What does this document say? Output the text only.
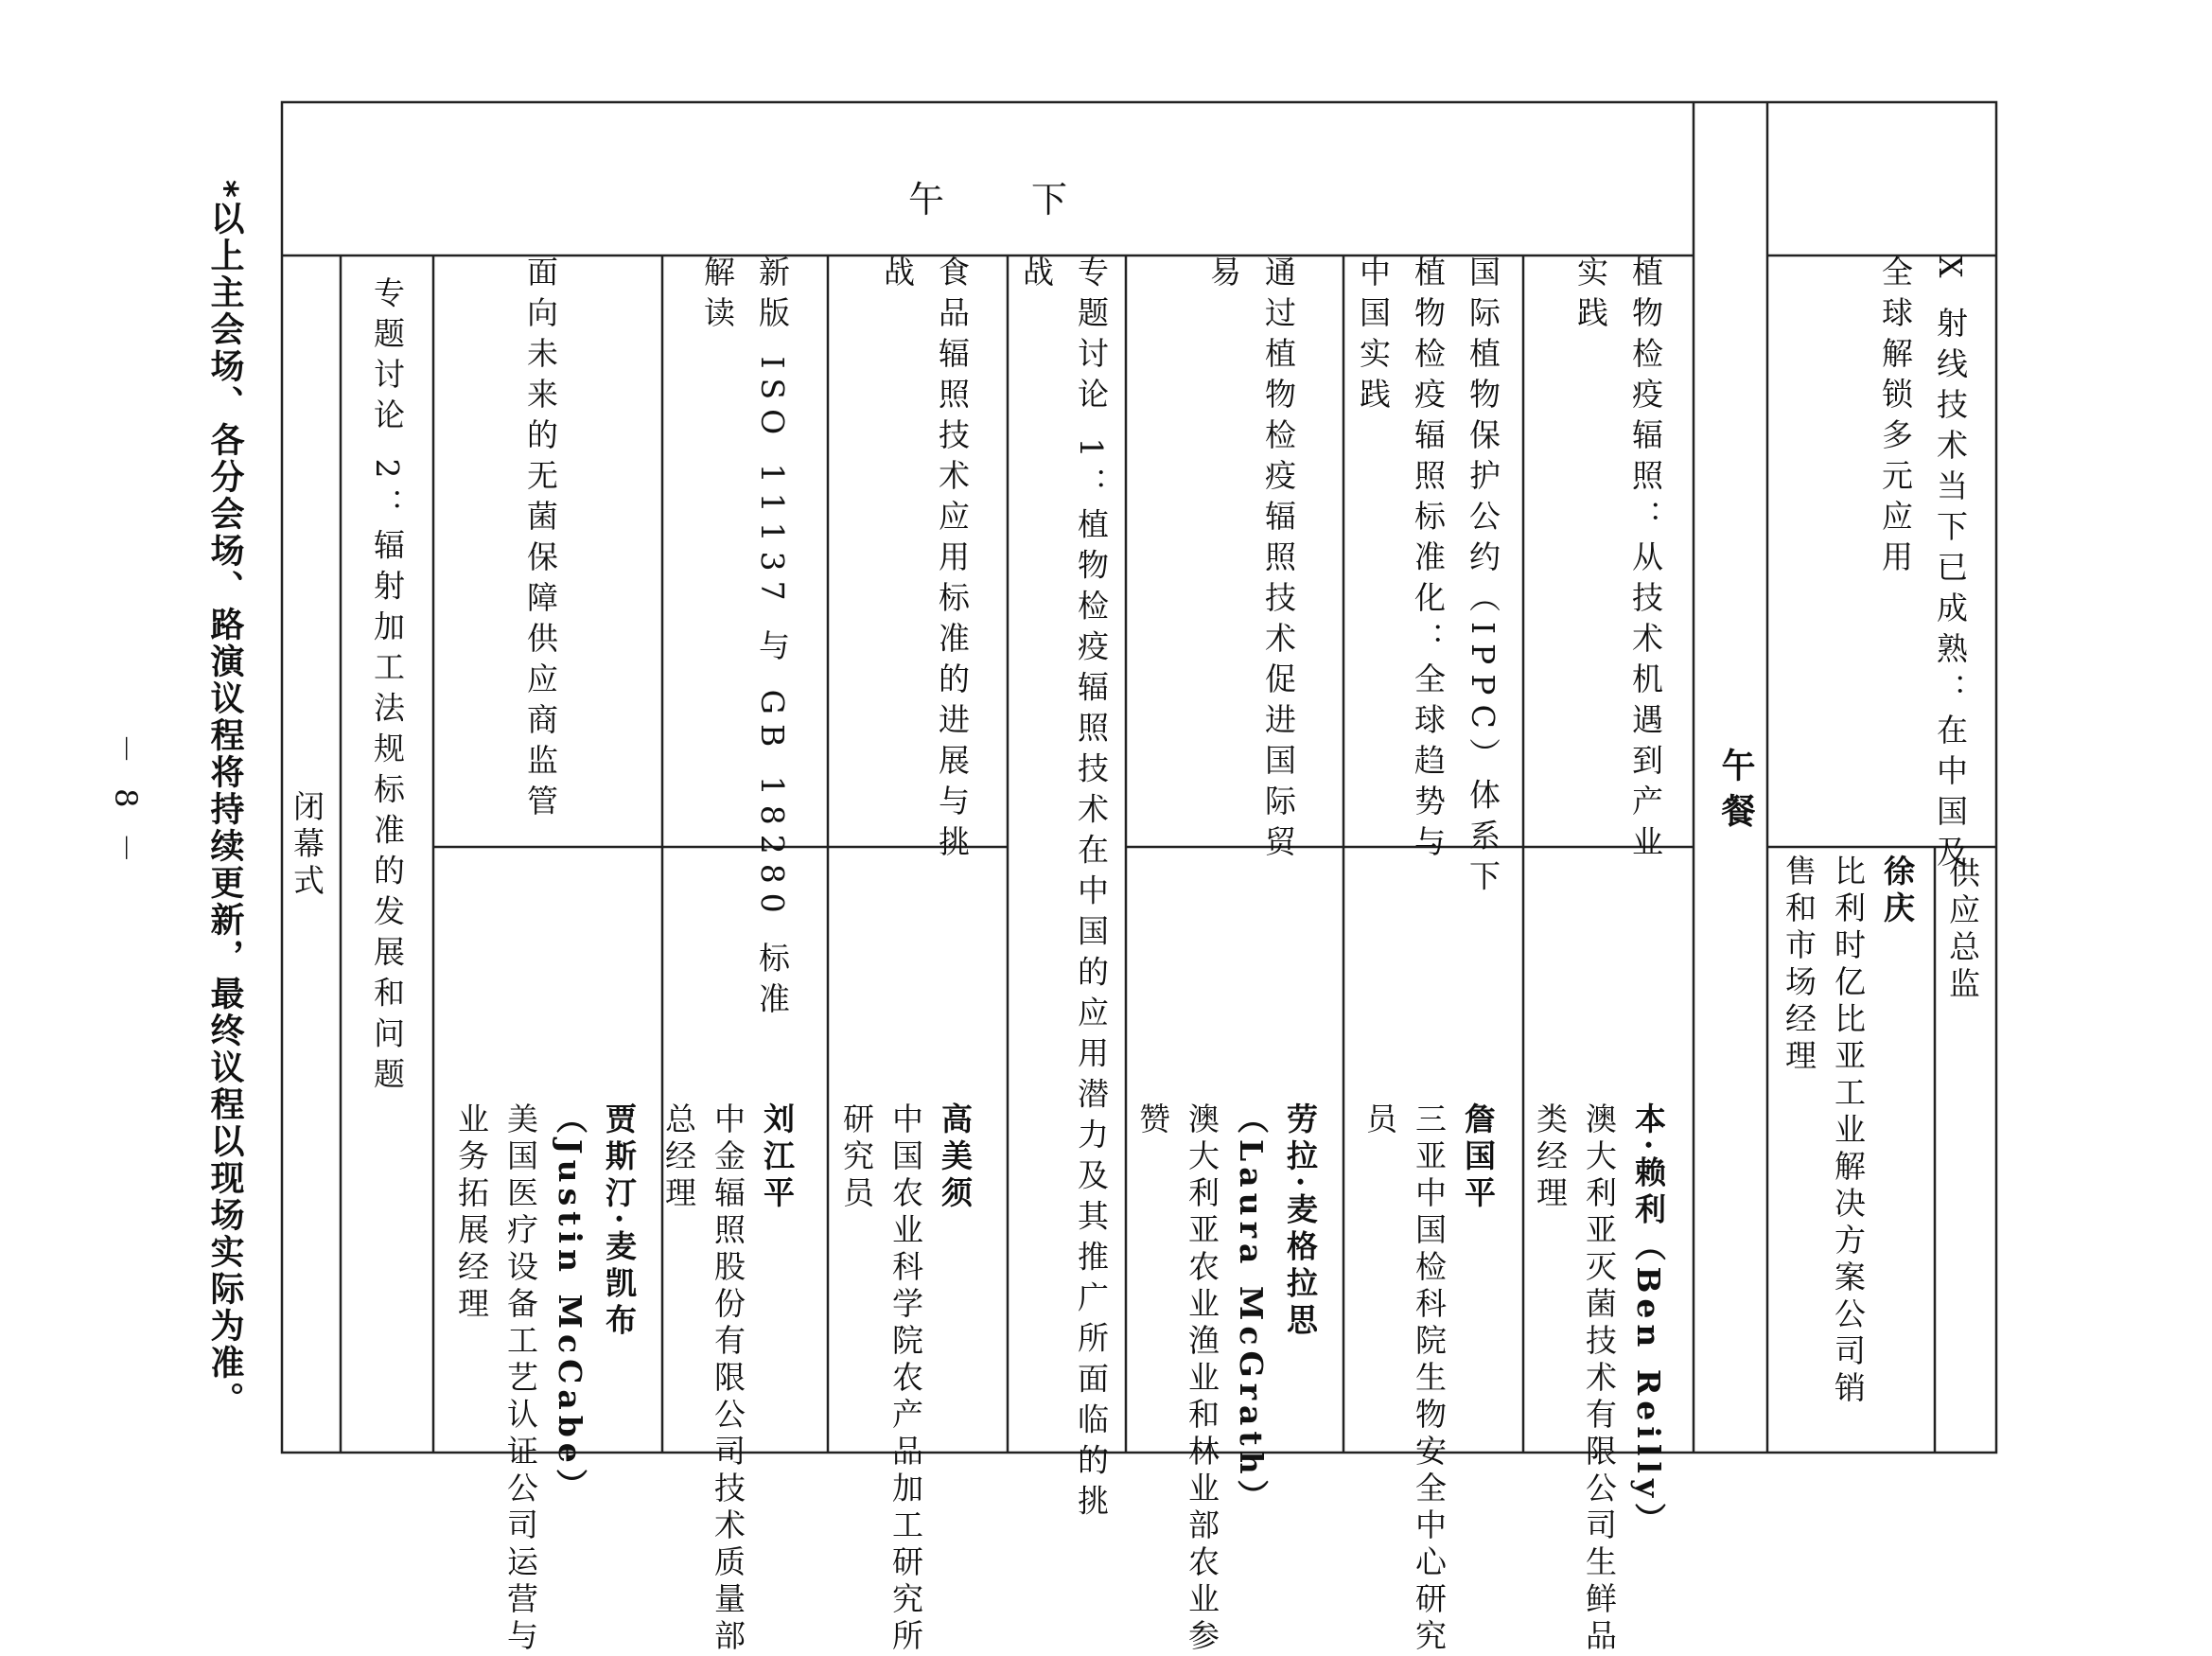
X 射线技术当下已成熟：在中国及
全球解锁多元应用
供应总监
徐庆
比利时亿比亚工业解决方案公司销
售和市场经理
午餐
植物检疫辐照：从技术机遇到产业
实践
本·赖利（Ben Reilly）
澳大利亚灭菌技术有限公司生鲜品
类经理
国际植物保护公约（IPPC）体系下
植物检疫辐照标准化：全球趋势与
中国实践
詹国平
三亚中国检科院生物安全中心研究
员
通过植物检疫辐照技术促进国际贸
易
劳拉·麦格拉思
（Laura McGrath）
澳大利亚农业渔业和林业部农业参
赞
下
午
专题讨论 1：植物检疫辐照技术在中国的应用潜力及其推广所面临的挑
战
食品辐照技术应用标准的进展与挑
战
高美须
中国农业科学院农产品加工研究所
研究员
新版 ISO 11137 与 GB 18280 标准
解读
刘江平
中金辐照股份有限公司技术质量部
总经理
面向未来的无菌保障供应商监管
贾斯汀·麦凯布
（Justin McCabe）
美国医疗设备工艺认证公司运营与
业务拓展经理
专题讨论 2：辐射加工法规标准的发展和问题
闭幕式
*以上主会场、各分会场、路演议程将持续更新，最终议程以现场实际为准。
－ 8 －
